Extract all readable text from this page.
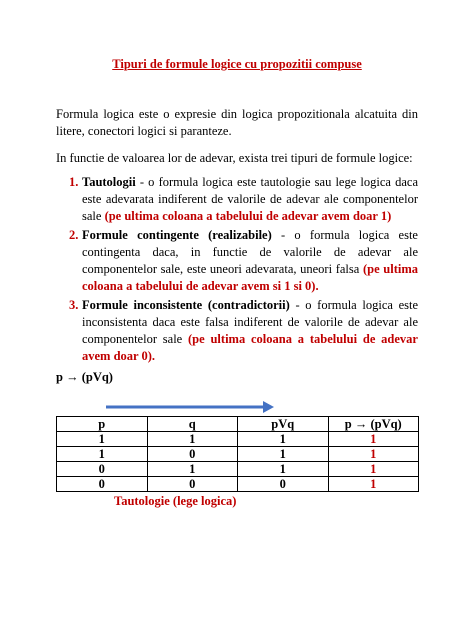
Tipuri de formule logice cu propozitii compuse
Formula logica este o expresie din logica propozitionala alcatuita din litere, conectori logici si paranteze.
In functie de valoarea lor de adevar, exista trei tipuri de formule logice:
1. Tautologii - o formula logica este tautologie sau lege logica daca este adevarata indiferent de valorile de adevar ale componentelor sale (pe ultima coloana a tabelului de adevar avem doar 1)
2. Formule contingente (realizabile) - o formula logica este contingenta daca, in functie de valorile de adevar ale componentelor sale, este uneori adevarata, uneori falsa (pe ultima coloana a tabelului de adevar avem si 1 si 0).
3. Formule inconsistente (contradictorii) - o formula logica este inconsistenta daca este falsa indiferent de valorile de adevar ale componentelor sale (pe ultima coloana a tabelului de adevar avem doar 0).
p → (pVq)
p	q	pVq	p → (pVq)
1	1	1	1
1	0	1	1
0	1	1	1
0	0	0	1
Tautologie (lege logica)
